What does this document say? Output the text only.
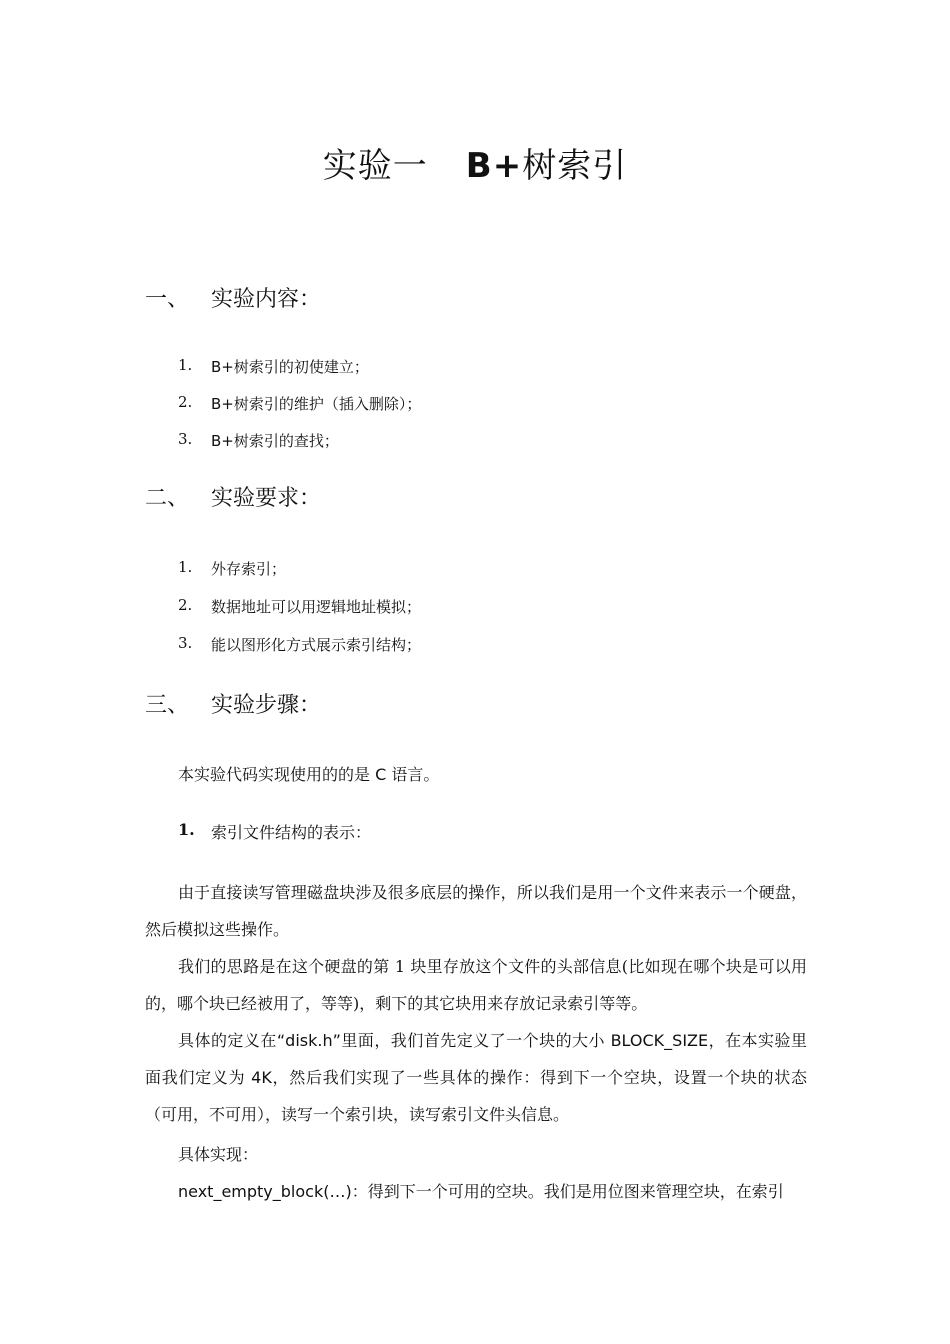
实验一 B+树索引
一、 实验内容：
1. B+树索引的初使建立；
2. B+树索引的维护（插入删除）；
3. B+树索引的查找；
二、 实验要求：
1. 外存索引；
2. 数据地址可以用逻辑地址模拟；
3. 能以图形化方式展示索引结构；
三、 实验步骤：
本实验代码实现使用的的是 C 语言。
1. 索引文件结构的表示：
由于直接读写管理磁盘块涉及很多底层的操作，所以我们是用一个文件来表示一个硬盘，然后模拟这些操作。
我们的思路是在这个硬盘的第 1 块里存放这个文件的头部信息(比如现在哪个块是可以用的，哪个块已经被用了，等等)，剩下的其它块用来存放记录索引等等。
具体的定义在“disk.h”里面，我们首先定义了一个块的大小 BLOCK_SIZE，在本实验里面我们定义为 4K，然后我们实现了一些具体的操作：得到下一个空块，设置一个块的状态（可用，不可用），读写一个索引块，读写索引文件头信息。
具体实现：
next_empty_block(…)：得到下一个可用的空块。我们是用位图来管理空块，在索引
